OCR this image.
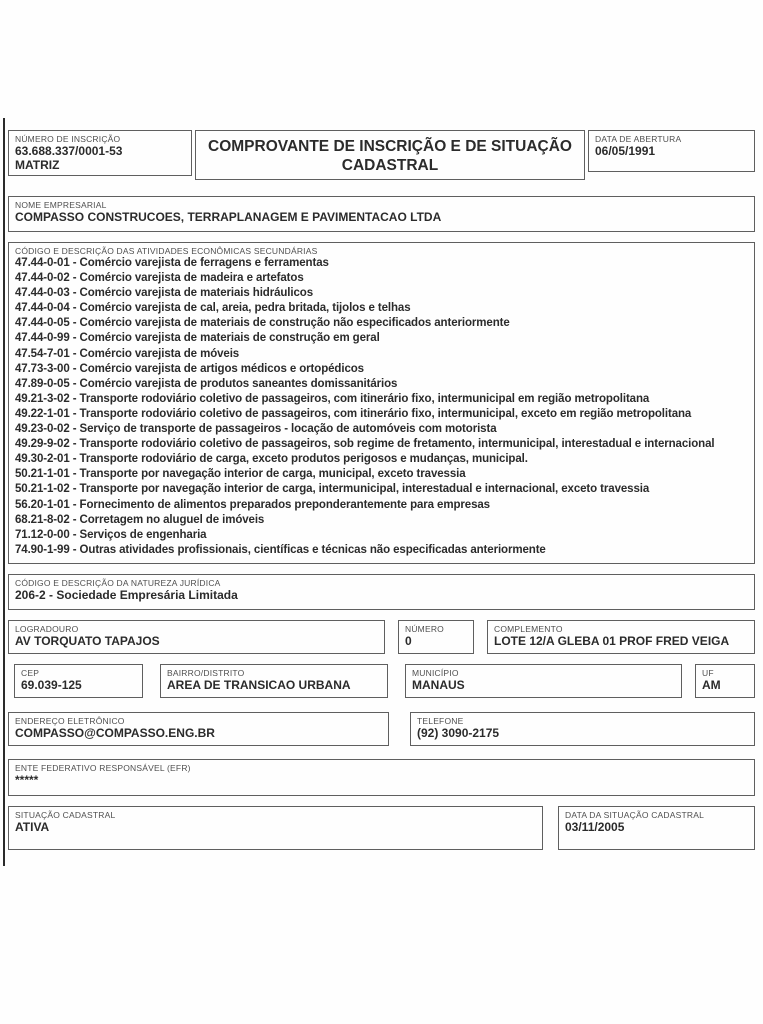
NÚMERO DE INSCRIÇÃO
63.688.337/0001-53
MATRIZ
COMPROVANTE DE INSCRIÇÃO E DE SITUAÇÃO
CADASTRAL
DATA DE ABERTURA
06/05/1991
NOME EMPRESARIAL
COMPASSO CONSTRUCOES, TERRAPLANAGEM E PAVIMENTACAO LTDA
CÓDIGO E DESCRIÇÃO DAS ATIVIDADES ECONÔMICAS SECUNDÁRIAS
47.44-0-01 - Comércio varejista de ferragens e ferramentas
47.44-0-02 - Comércio varejista de madeira e artefatos
47.44-0-03 - Comércio varejista de materiais hidráulicos
47.44-0-04 - Comércio varejista de cal, areia, pedra britada, tijolos e telhas
47.44-0-05 - Comércio varejista de materiais de construção não especificados anteriormente
47.44-0-99 - Comércio varejista de materiais de construção em geral
47.54-7-01 - Comércio varejista de móveis
47.73-3-00 - Comércio varejista de artigos médicos e ortopédicos
47.89-0-05 - Comércio varejista de produtos saneantes domissanitários
49.21-3-02 - Transporte rodoviário coletivo de passageiros, com itinerário fixo, intermunicipal em região metropolitana
49.22-1-01 - Transporte rodoviário coletivo de passageiros, com itinerário fixo, intermunicipal, exceto em região metropolitana
49.23-0-02 - Serviço de transporte de passageiros - locação de automóveis com motorista
49.29-9-02 - Transporte rodoviário coletivo de passageiros, sob regime de fretamento, intermunicipal, interestadual e internacional
49.30-2-01 - Transporte rodoviário de carga, exceto produtos perigosos e mudanças, municipal.
50.21-1-01 - Transporte por navegação interior de carga, municipal, exceto travessia
50.21-1-02 - Transporte por navegação interior de carga, intermunicipal, interestadual e internacional, exceto travessia
56.20-1-01 - Fornecimento de alimentos preparados preponderantemente para empresas
68.21-8-02 - Corretagem no aluguel de imóveis
71.12-0-00 - Serviços de engenharia
74.90-1-99 - Outras atividades profissionais, científicas e técnicas não especificadas anteriormente
CÓDIGO E DESCRIÇÃO DA NATUREZA JURÍDICA
206-2 - Sociedade Empresária Limitada
LOGRADOURO
AV TORQUATO TAPAJOS
NÚMERO
0
COMPLEMENTO
LOTE 12/A GLEBA 01 PROF FRED VEIGA
CEP
69.039-125
BAIRRO/DISTRITO
AREA DE TRANSICAO URBANA
MUNICÍPIO
MANAUS
UF
AM
ENDEREÇO ELETRÔNICO
COMPASSO@COMPASSO.ENG.BR
TELEFONE
(92) 3090-2175
ENTE FEDERATIVO RESPONSÁVEL (EFR)
*****
SITUAÇÃO CADASTRAL
ATIVA
DATA DA SITUAÇÃO CADASTRAL
03/11/2005
